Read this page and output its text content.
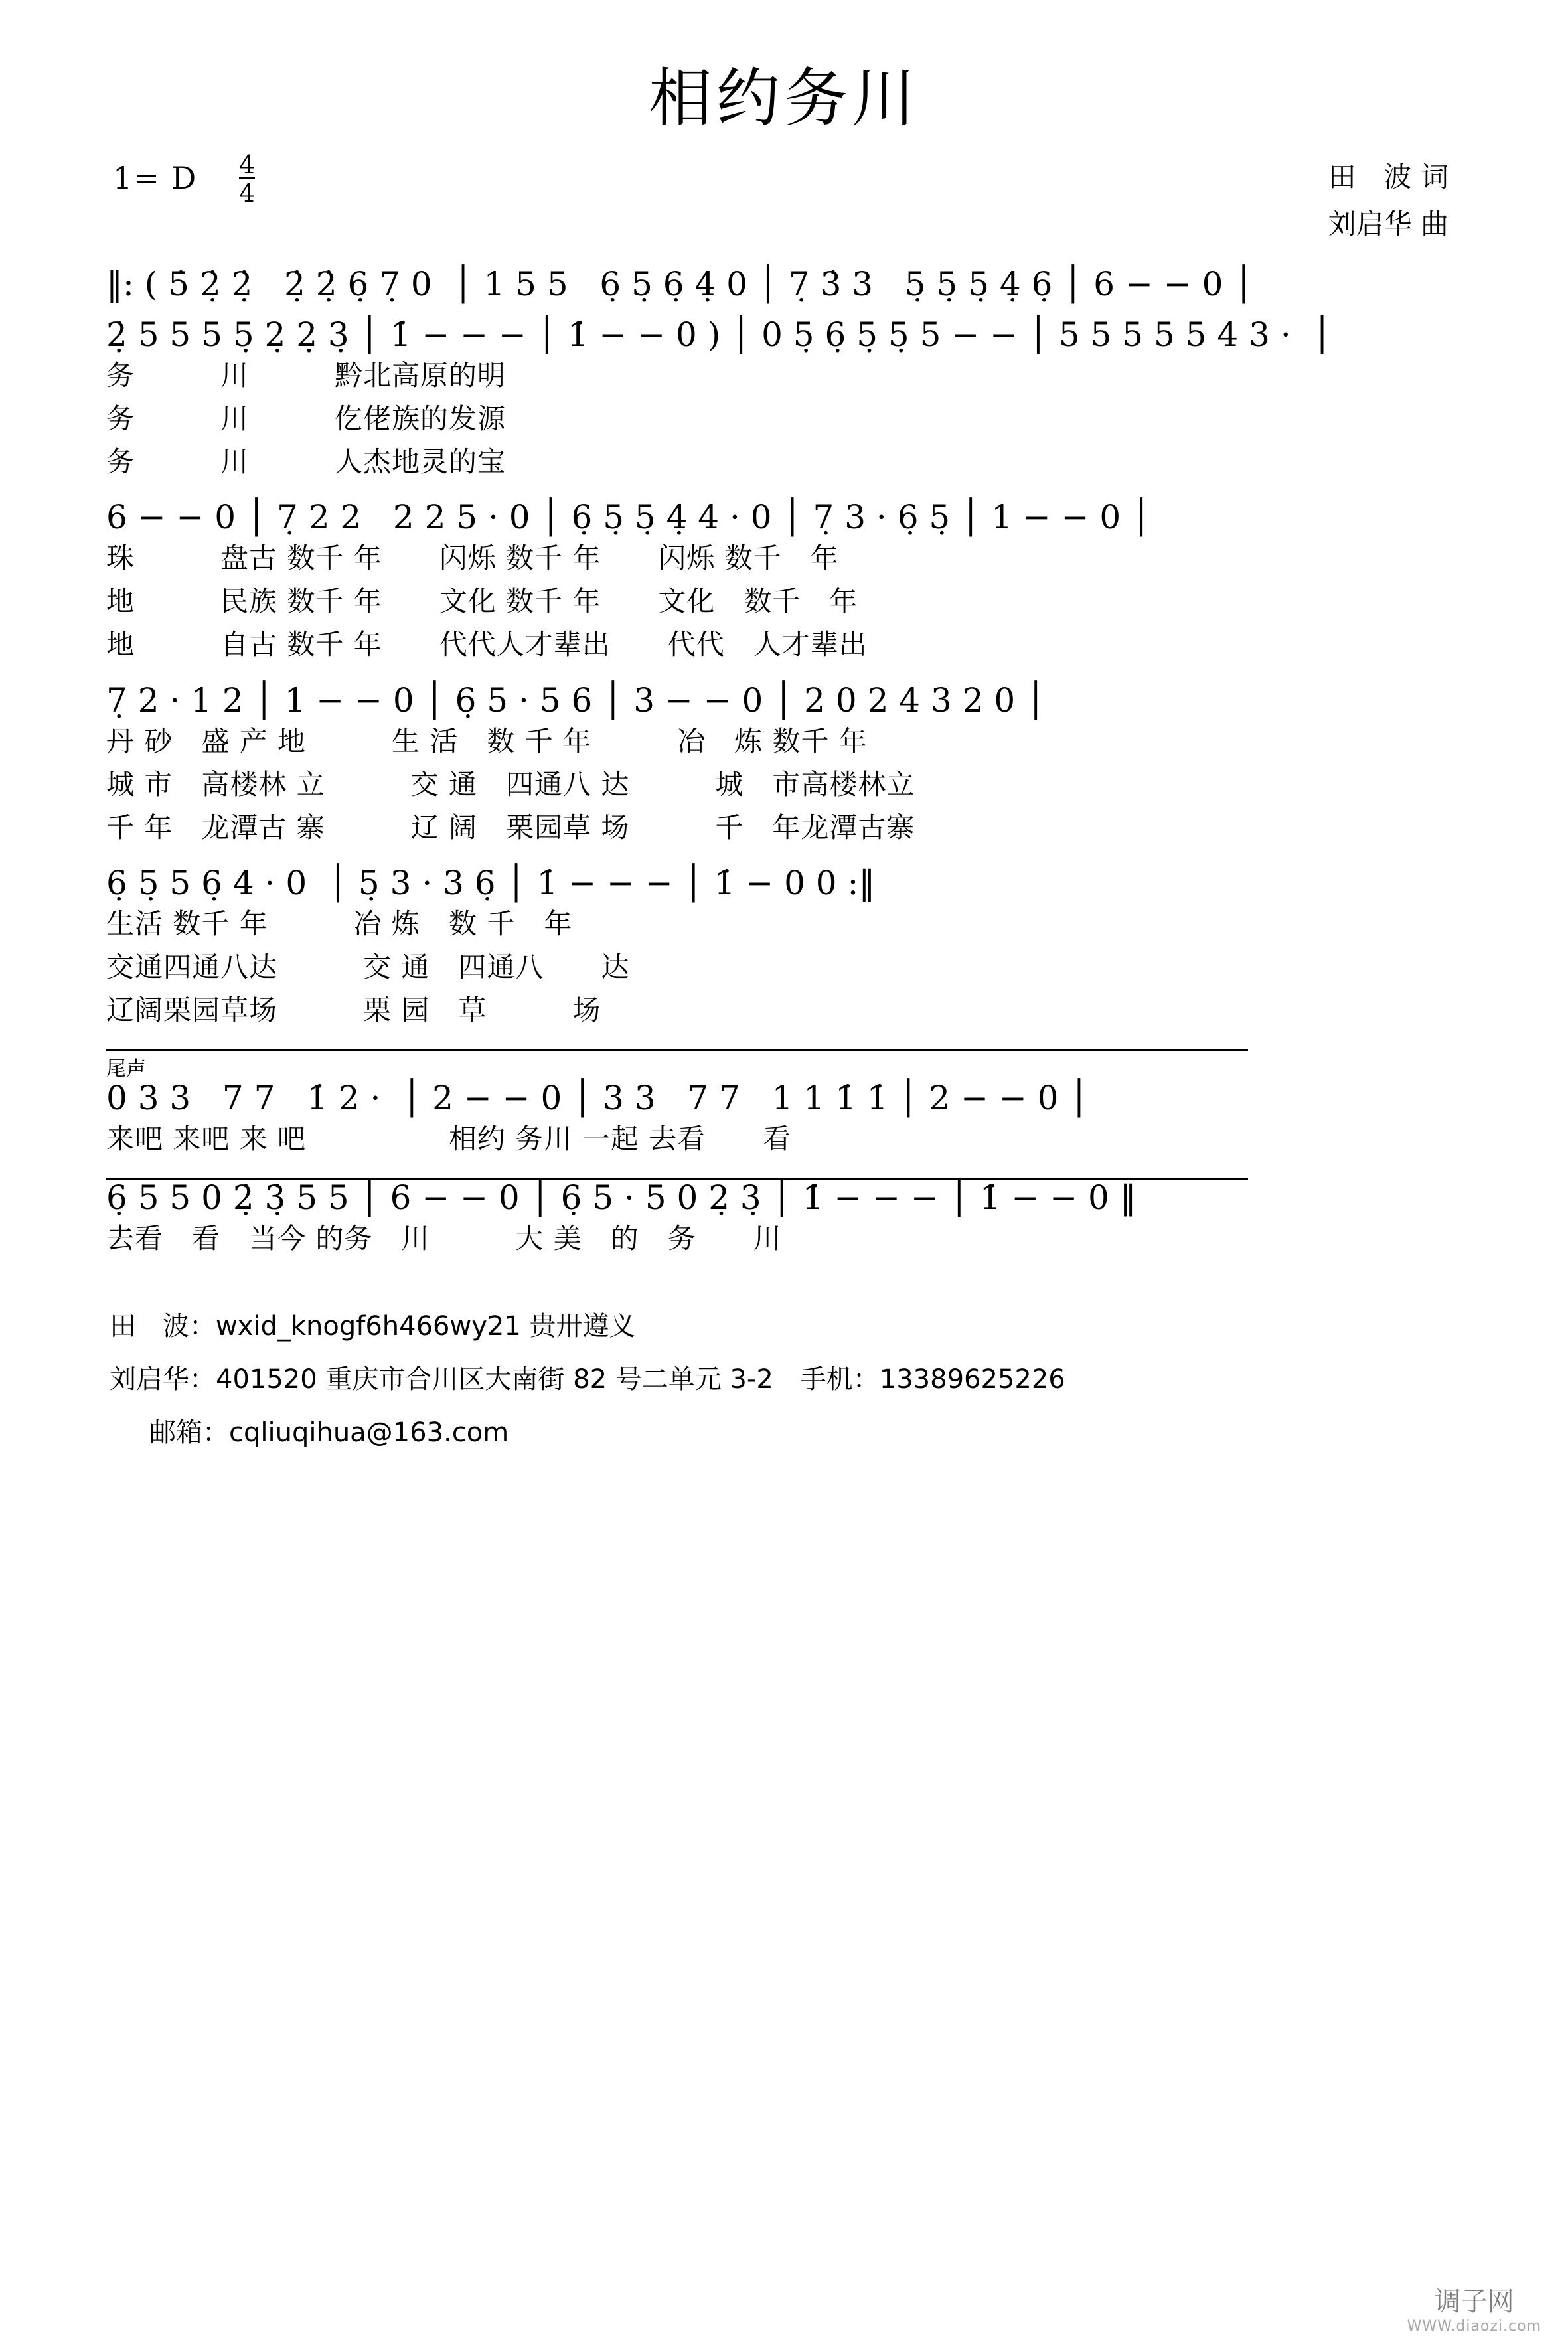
相约务川
1= D $\frac{4}{4}$	田　波 词
刘启华 曲
‖: ( 5̇ 2̣̇ 2̣̇   2̣̇ 2̣̇ 6̣ 7̣ 0  │ 1 5 5   6̣ 5̣ 6̣ 4̣ 0 │ 7̣ 3̇ 3   5̣ 5̣ 5̣ 4̣ 6̣ │ 6 − − 0 │
2̣̇ 5 5 5 5̣ 2̣ 2̣ 3̣ │ 1̇ − − − │ 1̇ − − 0 ) │ 0 5̣ 6̣ 5̣ 5̣ 5 − − │ 5 5 5 5 5 4 3 ·  │
务　　　川　　　黔北高原的明
务　　　川　　　仡佬族的发源
务　　　川　　　人杰地灵的宝
6 − − 0 │ 7̣ 2 2   2 2 5 · 0 │ 6̣ 5̣ 5̣ 4̣ 4 · 0 │ 7̣ 3 · 6̣ 5̣ │ 1 − − 0 │
珠　　　盘古 数千 年　　闪烁 数千 年　　闪烁 数千　年
地　　　民族 数千 年　　文化 数千 年　　文化　数千　年
地　　　自古 数千 年　　代代人才辈出　　代代　人才辈出
7̣ 2 · 1 2 │ 1 − − 0 │ 6̣ 5 · 5 6 │ 3 − − 0 │ 2 0 2 4 3 2 0 │
丹 砂　盛 产 地　　　生 活　数 千 年　　　冶　炼 数千 年
城 市　高楼林 立　　　交 通　四通八 达　　　城　市高楼林立
千 年　龙潭古 寨　　　辽 阔　栗园草 场　　　千　年龙潭古寨
6̣ 5̣ 5 6̣ 4 · 0  │ 5̣ 3 · 3 6̣ │ 1̇ − − − │ 1̇ − 0 0 :‖
生活 数千 年　　　冶 炼　数 千　年
交通四通八达　　　交 通　四通八　　达
辽阔栗园草场　　　栗 园　草　　　场
尾声
0 3 3   7 7   1̇ 2 ·  │ 2 − − 0 │ 3 3   7 7   1 1 1̇ 1̇ │ 2 − − 0 │
来吧 来吧 来 吧　　　　　相约 务川 一起 去看　　看
6̣ 5 5 0 2̣̇ 3̣̇ 5 5 │ 6 − − 0 │ 6̣ 5 · 5 0 2̣ 3̣ │ 1̇ − − − │ 1̇ − − 0 ‖
去看　看　当今 的务　川　　　大 美　的　务　　川
田　波：wxid_knogf6h466wy21 贵卅遵义
刘启华：401520 重庆市合川区大南街 82 号二单元 3-2　手机：13389625226
邮箱：cqliuqihua@163.com
调子网
WWW.diaozi.com
